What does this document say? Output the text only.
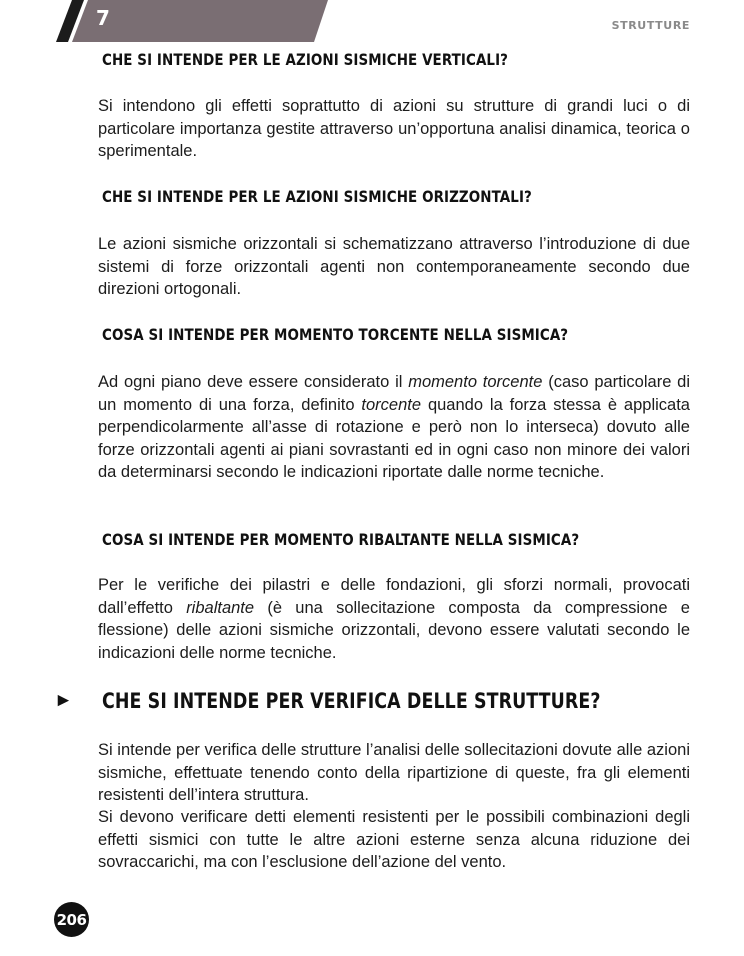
7	STRUTTURE
CHE SI INTENDE PER LE AZIONI SISMICHE VERTICALI?

Si intendono gli effetti soprattutto di azioni su strutture di grandi luci o di particolare importanza gestite attraverso un’opportuna analisi dinamica, teorica o sperimentale.

CHE SI INTENDE PER LE AZIONI SISMICHE ORIZZONTALI?

Le azioni sismiche orizzontali si schematizzano attraverso l’introduzione di due sistemi di forze orizzontali agenti non contemporaneamente secondo due direzioni ortogonali.

COSA SI INTENDE PER MOMENTO TORCENTE NELLA SISMICA?

Ad ogni piano deve essere considerato il momento torcente (caso particolare di un momento di una forza, definito torcente quando la forza stessa è applicata perpendicolarmente all’asse di rotazione e però non lo interseca) dovuto alle forze orizzontali agenti ai piani sovrastanti ed in ogni caso non minore dei valori da determinarsi secondo le indicazioni riportate dalle norme tecniche.

COSA SI INTENDE PER MOMENTO RIBALTANTE NELLA SISMICA?

Per le verifiche dei pilastri e delle fondazioni, gli sforzi normali, provocati dall’effetto ribaltante (è una sollecitazione composta da compressione e flessione) delle azioni sismiche orizzontali, devono essere valutati secondo le indicazioni delle norme tecniche.

► CHE SI INTENDE PER VERIFICA DELLE STRUTTURE?

Si intende per verifica delle strutture l’analisi delle sollecitazioni dovute alle azioni sismiche, effettuate tenendo conto della ripartizione di queste, fra gli elementi resistenti dell’intera struttura.

Si devono verificare detti elementi resistenti per le possibili combinazioni degli effetti sismici con tutte le altre azioni esterne senza alcuna riduzione dei sovraccarichi, ma con l’esclusione dell’azione del vento.

206
